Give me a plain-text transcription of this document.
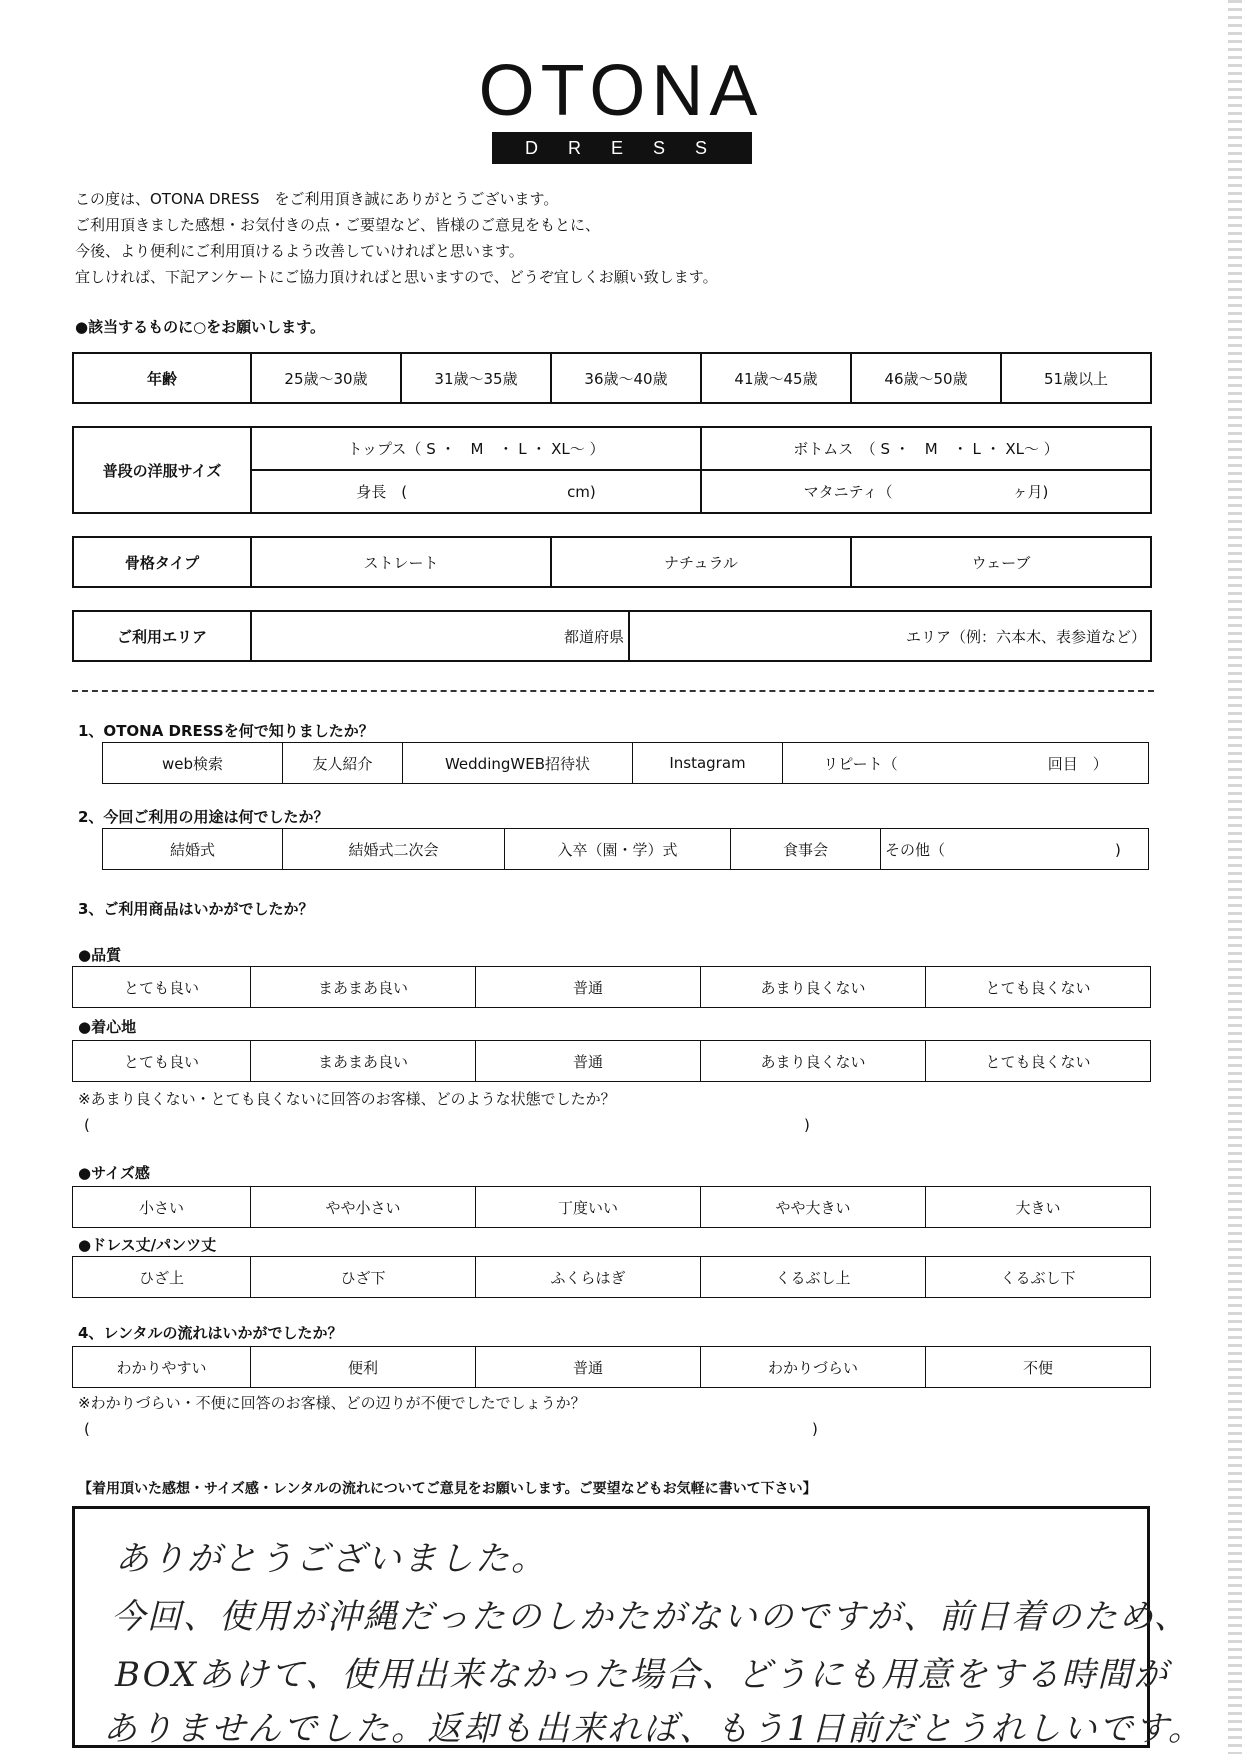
OTONA
DRESS
この度は、OTONA DRESS　をご利用頂き誠にありがとうございます。
ご利用頂きました感想・お気付きの点・ご要望など、皆様のご意見をもとに、
今後、より便利にご利用頂けるよう改善していければと思います。
宜しければ、下記アンケートにご協力頂ければと思いますので、どうぞ宜しくお願い致します。
●該当するものに○をお願いします。
年齢	25歳～30歳	31歳～35歳	36歳～40歳	41歳～45歳	46歳～50歳	51歳以上
普段の洋服サイズ	トップス（ S ・　M　・ L ・ XL～ ）	ボトムス　（ S ・　M　・ L ・ XL～ ）
	身長　( cm)	マタニティ（ ヶ月)
骨格タイプ	ストレート	ナチュラル	ウェーブ
ご利用エリア	都道府県	エリア（例：六本木、表参道など）
1、OTONA DRESSを何で知りましたか？
web検索	友人紹介	WeddingWEB招待状	Instagram	リピート（	回目　）
2、今回ご利用の用途は何でしたか？
結婚式	結婚式二次会	入卒（園・学）式	食事会	その他（	)
3、ご利用商品はいかがでしたか？
●品質
とても良い	まあまあ良い	普通	あまり良くない	とても良くない
●着心地
とても良い	まあまあ良い	普通	あまり良くない	とても良くない
※あまり良くない・とても良くないに回答のお客様、どのような状態でしたか？
(	)
●サイズ感
小さい	やや小さい	丁度いい	やや大きい	大きい
●ドレス丈/パンツ丈
ひざ上	ひざ下	ふくらはぎ	くるぶし上	くるぶし下
4、レンタルの流れはいかがでしたか？
わかりやすい	便利	普通	わかりづらい	不便
※わかりづらい・不便に回答のお客様、どの辺りが不便でしたでしょうか？
(	)
【着用頂いた感想・サイズ感・レンタルの流れについてご意見をお願いします。ご要望などもお気軽に書いて下さい】
ありがとうございました。
今回、使用が沖縄だったのしかたがないのですが、前日着のため、
BOXあけて、使用出来なかった場合、どうにも用意をする時間が
ありませんでした。返却も出来れば、もう1日前だとうれしいです。
